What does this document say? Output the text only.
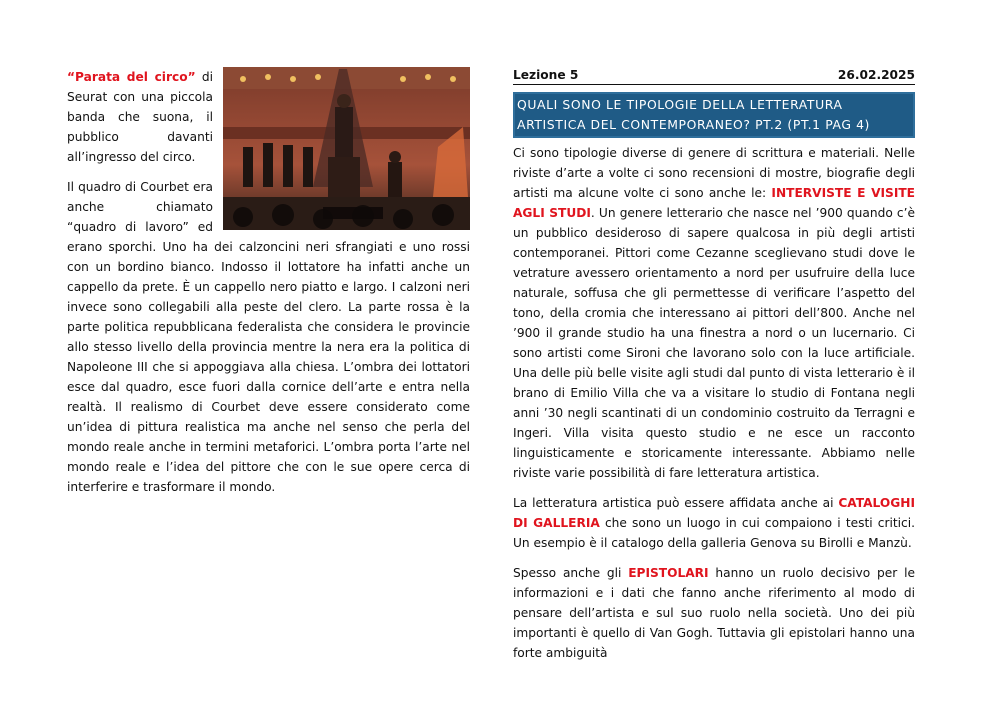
“Parata del circo” di Seurat con una piccola banda che suona, il pubblico davanti all’ingresso del circo.

Il quadro di Courbet era anche chiamato “quadro di lavoro” ed erano sporchi. Uno ha dei calzoncini neri sfrangiati e uno rossi con un bordino bianco. Indosso il lottatore ha infatti anche un cappello da prete. È un cappello nero piatto e largo. I calzoni neri invece sono collegabili alla peste del clero. La parte rossa è la parte politica repubblicana federalista che considera le provincie allo stesso livello della provincia mentre la nera era la politica di Napoleone III che si appoggiava alla chiesa. L’ombra dei lottatori esce dal quadro, esce fuori dalla cornice dell’arte e entra nella realtà. Il realismo di Courbet deve essere considerato come un’idea di pittura realistica ma anche nel senso che perla del mondo reale anche in termini metaforici. L’ombra porta l’arte nel mondo reale e l’idea del pittore che con le sue opere cerca di interferire e trasformare il mondo.

Lezione 5	26.02.2025
QUALI SONO LE TIPOLOGIE DELLA LETTERATURA ARTISTICA DEL CONTEMPORANEO? PT.2 (PT.1 PAG 4)

Ci sono tipologie diverse di genere di scrittura e materiali. Nelle riviste d’arte a volte ci sono recensioni di mostre, biografie degli artisti ma alcune volte ci sono anche le: INTERVISTE E VISITE AGLI STUDI. Un genere letterario che nasce nel ’900 quando c’è un pubblico desideroso di sapere qualcosa in più degli artisti contemporanei. Pittori come Cezanne sceglievano studi dove le vetrature avessero orientamento a nord per usufruire della luce naturale, soffusa che gli permettesse di verificare l’aspetto del tono, della cromia che interessano ai pittori dell’800. Anche nel ’900 il grande studio ha una finestra a nord o un lucernario. Ci sono artisti come Sironi che lavorano solo con la luce artificiale. Una delle più belle visite agli studi dal punto di vista letterario è il brano di Emilio Villa che va a visitare lo studio di Fontana negli anni ’30 negli scantinati di un condominio costruito da Terragni e Ingeri. Villa visita questo studio e ne esce un racconto linguisticamente e storicamente interessante. Abbiamo nelle riviste varie possibilità di fare letteratura artistica.

La letteratura artistica può essere affidata anche ai CATALOGHI DI GALLERIA che sono un luogo in cui compaiono i testi critici. Un esempio è il catalogo della galleria Genova su Birolli e Manzù.

Spesso anche gli EPISTOLARI hanno un ruolo decisivo per le informazioni e i dati che fanno anche riferimento al modo di pensare dell’artista e sul suo ruolo nella società. Uno dei più importanti è quello di Van Gogh. Tuttavia gli epistolari hanno una forte ambiguità
